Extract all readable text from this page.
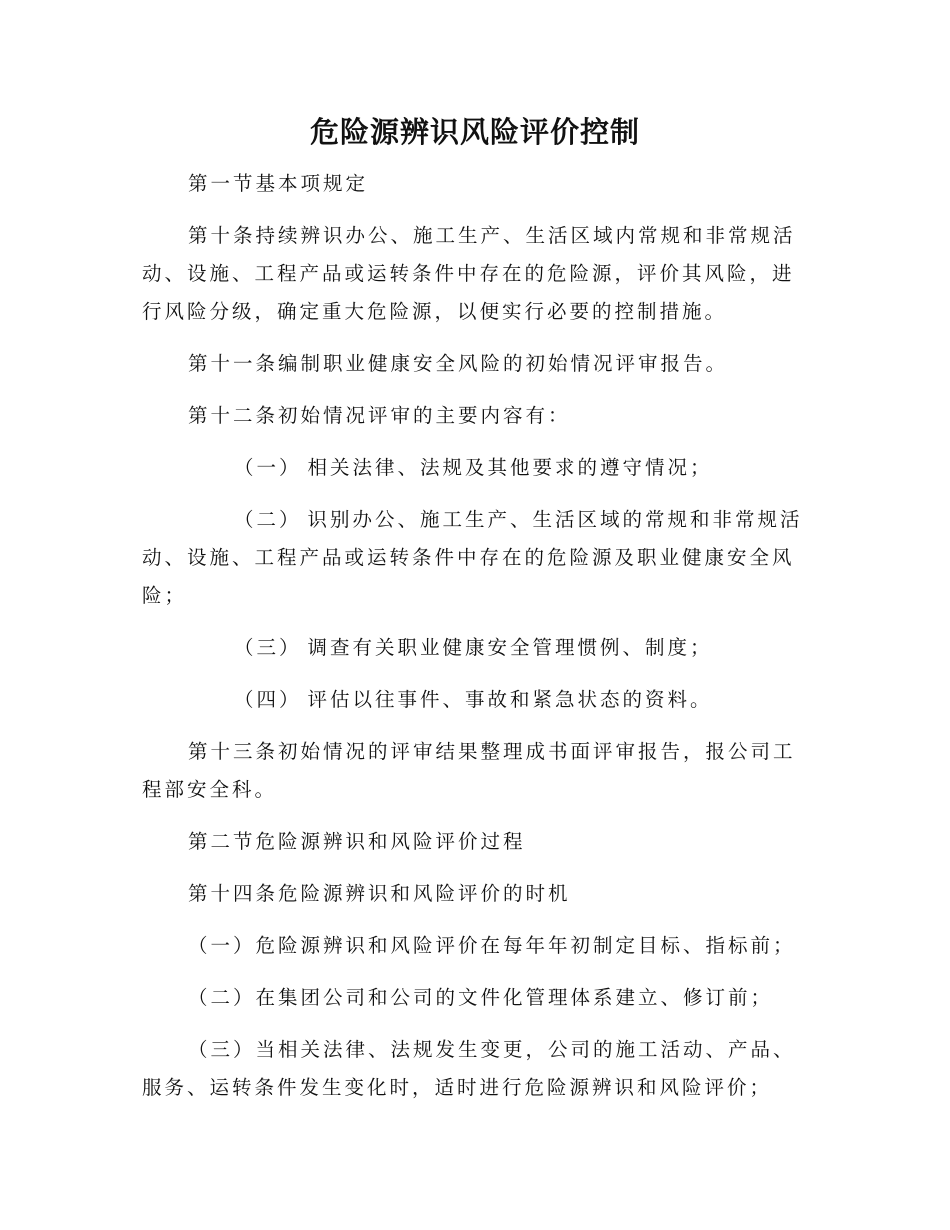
危险源辨识风险评价控制

第一节基本项规定

第十条持续辨识办公、施工生产、生活区域内常规和非常规活动、设施、工程产品或运转条件中存在的危险源，评价其风险，进行风险分级，确定重大危险源，以便实行必要的控制措施。

第十一条编制职业健康安全风险的初始情况评审报告。

第十二条初始情况评审的主要内容有：

（一） 相关法律、法规及其他要求的遵守情况；

（二） 识别办公、施工生产、生活区域的常规和非常规活动、设施、工程产品或运转条件中存在的危险源及职业健康安全风险；

（三） 调查有关职业健康安全管理惯例、制度；

（四） 评估以往事件、事故和紧急状态的资料。

第十三条初始情况的评审结果整理成书面评审报告，报公司工程部安全科。

第二节危险源辨识和风险评价过程

第十四条危险源辨识和风险评价的时机

（一）危险源辨识和风险评价在每年年初制定目标、指标前；

（二）在集团公司和公司的文件化管理体系建立、修订前；

（三）当相关法律、法规发生变更，公司的施工活动、产品、服务、运转条件发生变化时，适时进行危险源辨识和风险评价；
